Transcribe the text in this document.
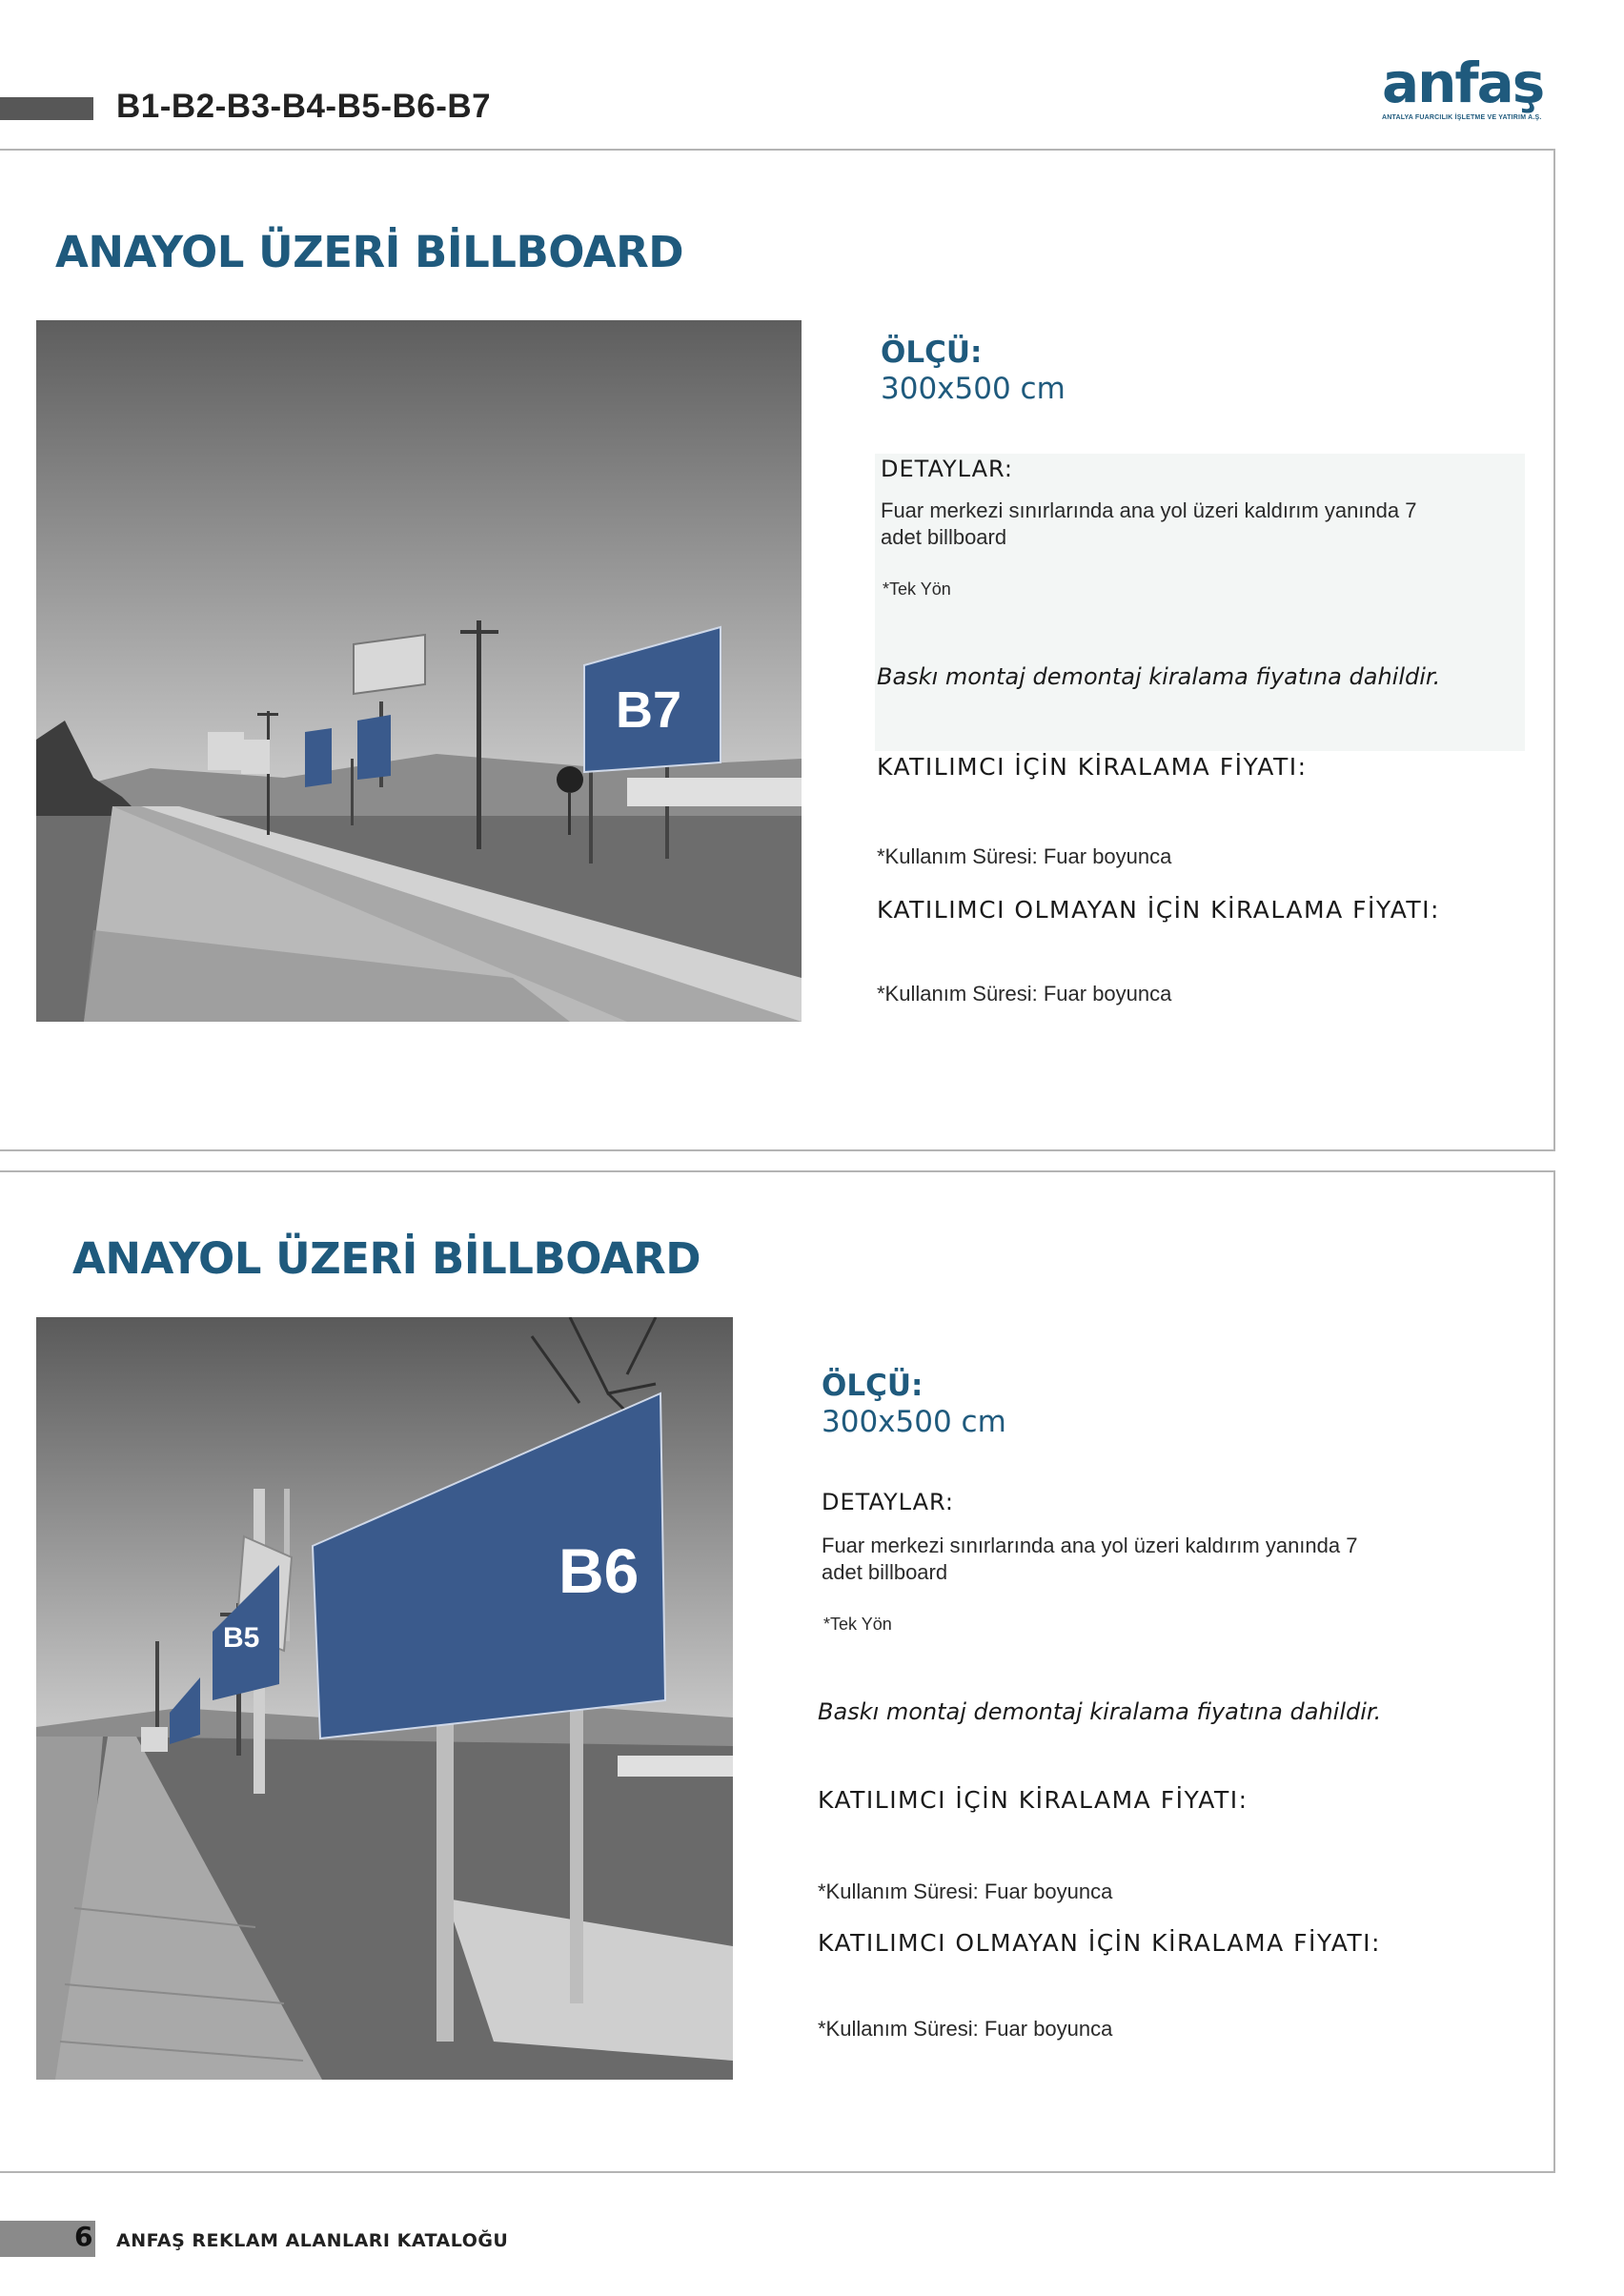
B1-B2-B3-B4-B5-B6-B7	anfaş
ANTALYA FUARCILIK İŞLETME VE YATIRIM A.Ş.
ANAYOL ÜZERİ BİLLBOARD
B7
ÖLÇÜ:
300x500 cm
DETAYLAR:
Fuar merkezi sınırlarında ana yol üzeri kaldırım yanında 7 adet billboard
*Tek Yön
Baskı montaj demontaj kiralama fiyatına dahildir.
KATILIMCI İÇİN KİRALAMA FİYATI:
*Kullanım Süresi: Fuar boyunca
KATILIMCI OLMAYAN İÇİN KİRALAMA FİYATI:
*Kullanım Süresi: Fuar boyunca
ANAYOL ÜZERİ BİLLBOARD
B5
B6
ÖLÇÜ:
300x500 cm
DETAYLAR:
Fuar merkezi sınırlarında ana yol üzeri kaldırım yanında 7 adet billboard
*Tek Yön
Baskı montaj demontaj kiralama fiyatına dahildir.
KATILIMCI İÇİN KİRALAMA FİYATI:
*Kullanım Süresi: Fuar boyunca
KATILIMCI OLMAYAN İÇİN KİRALAMA FİYATI:
*Kullanım Süresi: Fuar boyunca
6 ANFAŞ REKLAM ALANLARI KATALOĞU
